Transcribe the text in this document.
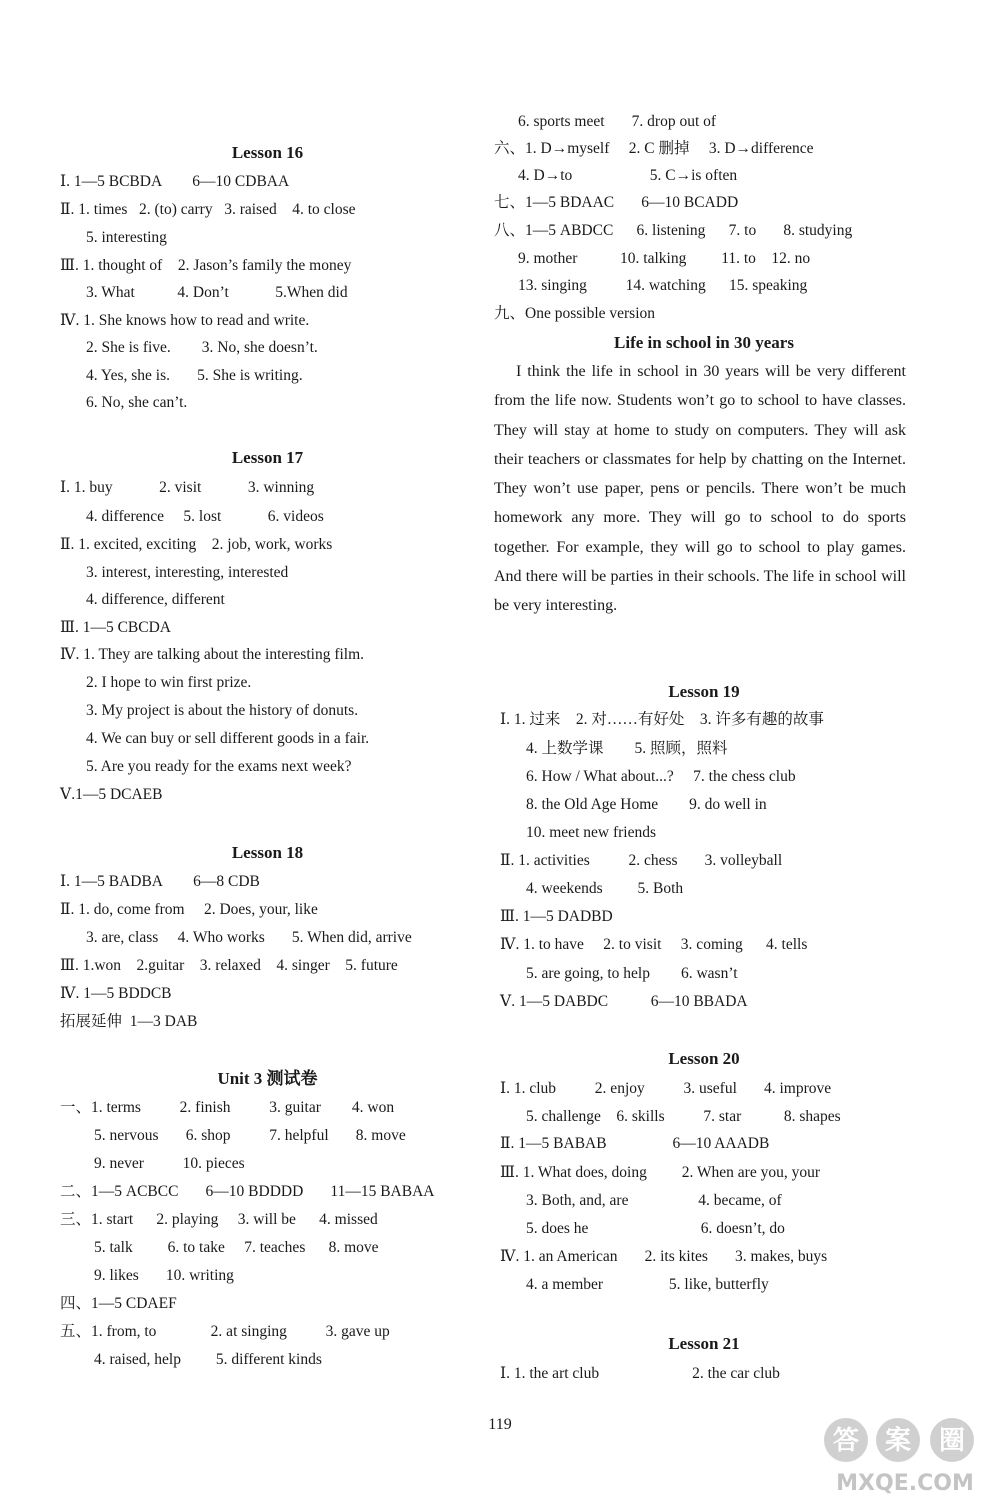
Lesson 16
Ⅰ. 1—5 BCBDA        6—10 CDBAA
Ⅱ. 1. times   2. (to) carry   3. raised    4. to close
5. interesting
Ⅲ. 1. thought of    2. Jason’s family the money
3. What           4. Don’t            5.When did
Ⅳ. 1. She knows how to read and write.
2. She is five.        3. No, she doesn’t.
4. Yes, she is.       5. She is writing.
6. No, she can’t.
Lesson 17
Ⅰ. 1. buy            2. visit            3. winning
4. difference     5. lost            6. videos
Ⅱ. 1. excited, exciting    2. job, work, works
3. interest, interesting, interested
4. difference, different
Ⅲ. 1—5 CBCDA
Ⅳ. 1. They are talking about the interesting film.
2. I hope to win first prize.
3. My project is about the history of donuts.
4. We can buy or sell different goods in a fair.
5. Are you ready for the exams next week?
Ⅴ.1—5 DCAEB
Lesson 18
Ⅰ. 1—5 BADBA        6—8 CDB
Ⅱ. 1. do, come from     2. Does, your, like
3. are, class     4. Who works       5. When did, arrive
Ⅲ. 1.won    2.guitar    3. relaxed    4. singer    5. future
Ⅳ. 1—5 BDDCB
拓展延伸  1—3 DAB
Unit 3 测试卷
一、1. terms          2. finish          3. guitar        4. won
5. nervous       6. shop          7. helpful       8. move
9. never          10. pieces
二、1—5 ACBCC       6—10 BDDDD       11—15 BABAA
三、1. start      2. playing     3. will be      4. missed
5. talk         6. to take     7. teaches      8. move
9. likes       10. writing
四、1—5 CDAEF
五、1. from, to              2. at singing          3. gave up
4. raised, help         5. different kinds
6. sports meet       7. drop out of
六、1. D→myself     2. C 删掉     3. D→difference
4. D→to                    5. C→is often
七、1—5 BDAAC       6—10 BCADD
八、1—5 ABDCC      6. listening      7. to       8. studying
9. mother           10. talking         11. to    12. no
13. singing          14. watching      15. speaking
九、One possible version
Life in school in 30 years
I think the life in school in 30 years will be very different from the life now. Students won’t go to school to have classes. They will stay at home to study on computers. They will ask their teachers or classmates for help by chatting on the Internet. They won’t use paper, pens or pencils. There won’t be much homework any more. They will go to school to do sports together. For example, they will go to school to play games. And there will be parties in their schools. The life in school will be very interesting.
Lesson 19
Ⅰ. 1. 过来    2. 对……有好处    3. 许多有趣的故事
4. 上数学课        5. 照顾，照料
6. How / What about...?     7. the chess club
8. the Old Age Home        9. do well in
10. meet new friends
Ⅱ. 1. activities          2. chess       3. volleyball
4. weekends         5. Both
Ⅲ. 1—5 DADBD
Ⅳ. 1. to have     2. to visit     3. coming      4. tells
5. are going, to help        6. wasn’t
Ⅴ. 1—5 DABDC           6—10 BBADA
Lesson 20
Ⅰ. 1. club          2. enjoy          3. useful       4. improve
5. challenge    6. skills          7. star           8. shapes
Ⅱ. 1—5 BABAB                 6—10 AAADB
Ⅲ. 1. What does, doing         2. When are you, your
3. Both, and, are                  4. became, of
5. does he                             6. doesn’t, do
Ⅳ. 1. an American       2. its kites       3. makes, buys
4. a member                 5. like, butterfly
Lesson 21
Ⅰ. 1. the art club                        2. the car club
119
答 案 圈
MXQE.COM
